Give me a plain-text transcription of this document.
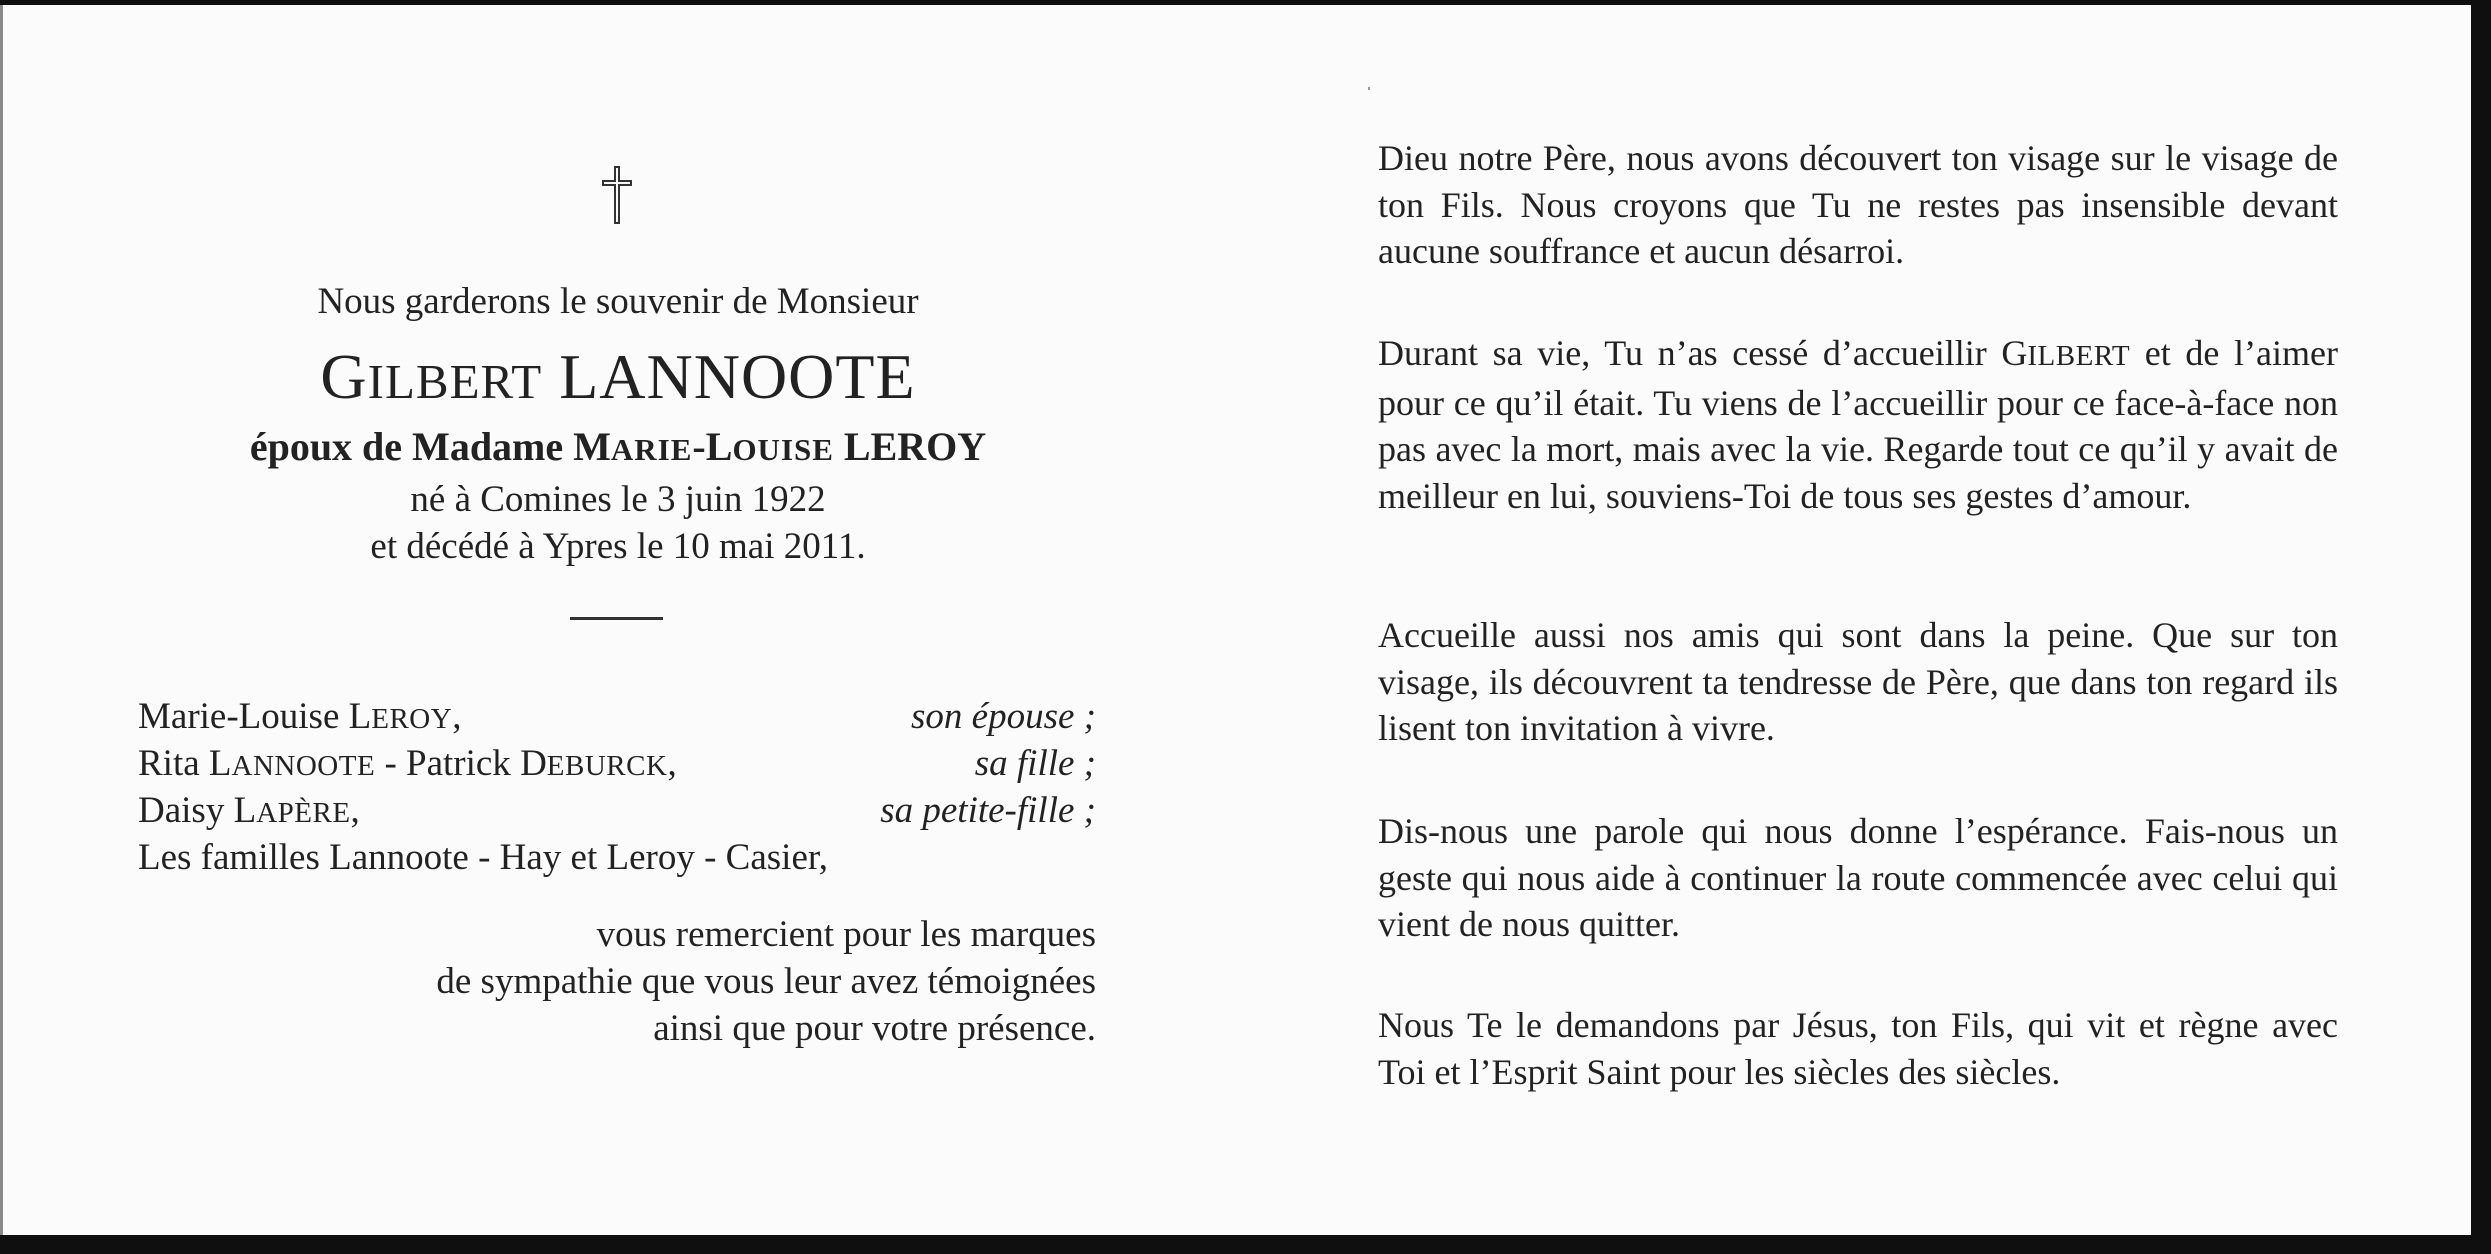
Nous garderons le souvenir de Monsieur
GILBERT LANNOOTE
époux de Madame MARIE-LOUISE LEROY
né à Comines le 3 juin 1922
et décédé à Ypres le 10 mai 2011.
Marie-Louise LEROY,	son épouse ;
Rita LANNOOTE - Patrick DEBURCK,	sa fille ;
Daisy LAPÈRE,	sa petite-fille ;
Les familles Lannoote - Hay et Leroy - Casier,
vous remercient pour les marques
de sympathie que vous leur avez témoignées
ainsi que pour votre présence.
Dieu notre Père, nous avons découvert ton visage sur le visage de ton Fils. Nous croyons que Tu ne restes pas insensible devant aucune souffrance et aucun désarroi.
Durant sa vie, Tu n’as cessé d’accueillir GILBERT et de l’aimer pour ce qu’il était. Tu viens de l’accueillir pour ce face-à-face non pas avec la mort, mais avec la vie. Regarde tout ce qu’il y avait de meilleur en lui, souviens-Toi de tous ses gestes d’amour.
Accueille aussi nos amis qui sont dans la peine. Que sur ton visage, ils découvrent ta tendresse de Père, que dans ton regard ils lisent ton invitation à vivre.
Dis-nous une parole qui nous donne l’espérance. Fais-nous un geste qui nous aide à continuer la route commencée avec celui qui vient de nous quitter.
Nous Te le demandons par Jésus, ton Fils, qui vit et règne avec Toi et l’Esprit Saint pour les siècles des siècles.
